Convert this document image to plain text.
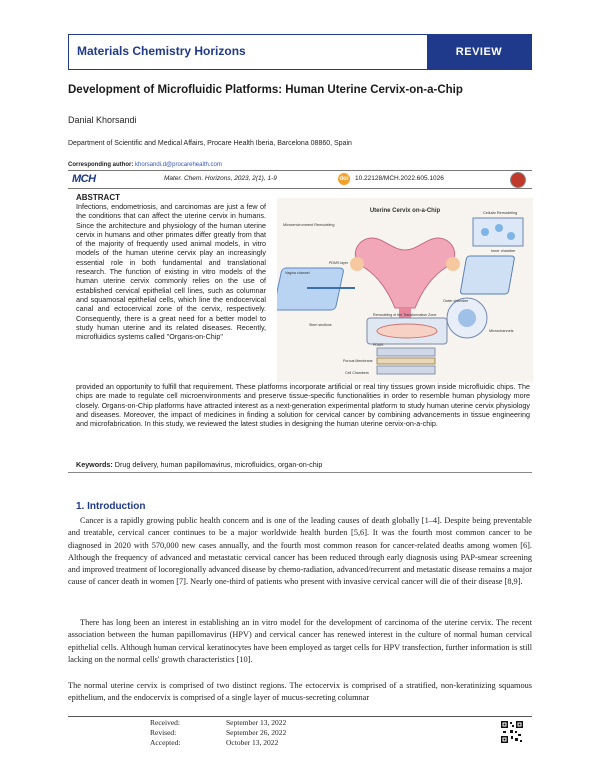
Materials Chemistry Horizons	REVIEW
Development of Microfluidic Platforms: Human Uterine Cervix-on-a-Chip
Danial Khorsandi
Department of Scientific and Medical Affairs, Procare Health Iberia, Barcelona 08860, Spain
Corresponding author: khorsandi.d@procarehealth.com
MCH	Mater. Chem. Horizons, 2023, 2(1), 1-9	doi 10.22128/MCH.2022.605.1026
ABSTRACT
Infections, endometriosis, and carcinomas are just a few of the conditions that can affect the uterine cervix in humans. Since the architecture and physiology of the human uterine cervix in humans and other primates differ greatly from that of the majority of frequently used animal models, in vitro models of the human uterine cervix play an increasingly essential role in both fundamental and translational research. The function of existing in vitro models of the human uterine cervix commonly relies on the use of established cervical epithelial cell lines, such as columnar and squamosal epithelial cells, which line the endocervical canal and ectocervical zone of the cervix, respectively. Consequently, there is a great need for a better model to study human uterine and its related diseases. Recently, microfluidics systems called "Organs-on-Chip"
Uterine Cervix on-a-Chip
Microenvironment Remodeling
Cellular Remodeling
Inner chamber
Outer chamber
Microchannels
Remodeling of the Transformation Zone
Stem sections
PDMS
PDMS layer
Vagina channel
Porous Membrane
Cell Chambers
provided an opportunity to fulfill that requirement. These platforms incorporate artificial or real tiny tissues grown inside microfluidic chips. The chips are made to regulate cell microenvironments and preserve tissue-specific functionalities in order to resemble human physiology more closely. Organs-on-Chip platforms have attracted interest as a next-generation experimental platform to study human uterine cervix physiology and diseases. Moreover, the impact of medicines in finding a solution for cervical cancer by combining advancements in tissue engineering and microfabrication. In this study, we reviewed the latest studies in designing the human uterine cervix-on-a-chip.
Keywords: Drug delivery, human papillomavirus, microfluidics, organ-on-chip
1. Introduction
Cancer is a rapidly growing public health concern and is one of the leading causes of death globally [1–4]. Despite being preventable and treatable, cervical cancer continues to be a major worldwide health burden [5,6]. It was the fourth most common cancer to be diagnosed in 2020 with 570,000 new cases annually, and the fourth most common reason for cancer-related deaths among women [6]. Although the frequency of advanced and metastatic cervical cancer has been reduced through early diagnosis using PAP-smear screening and improved treatment of locoregionally advanced disease by chemo-radiation, advanced/recurrent and metastatic disease remains a major cause of cancer death in women [7]. Nearly one-third of patients who present with invasive cervical cancer will die of their disease [8,9].
There has long been an interest in establishing an in vitro model for the development of carcinoma of the uterine cervix. The recent association between the human papillomavirus (HPV) and cervical cancer has renewed interest in the culture of normal human cervical epithelial cells. Although human cervical keratinocytes have been employed as target cells for HPV transfection, further information is still lacking on the normal cells' growth characteristics [10].
The normal uterine cervix is comprised of two distinct regions. The ectocervix is comprised of a stratified, non-keratinizing squamous epithelium, and the endocervix is comprised of a single layer of mucus-secreting columnar
Received:	September 13, 2022
Revised:	September 26, 2022
Accepted:	October 13, 2022
